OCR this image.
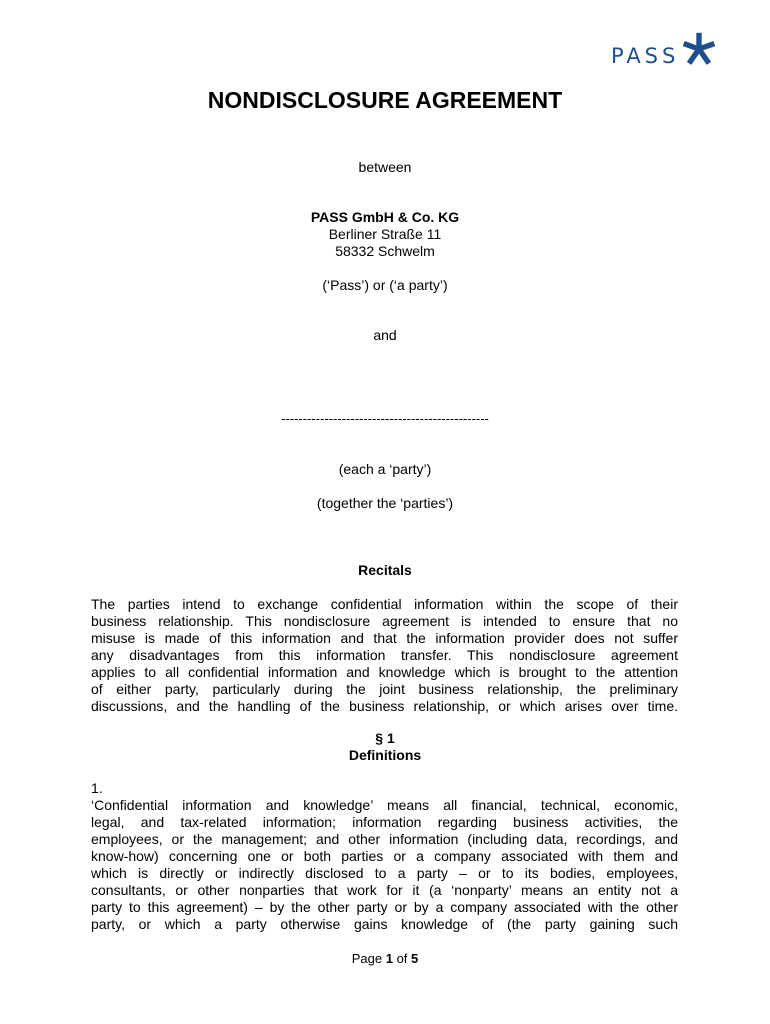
PASS
NONDISCLOSURE AGREEMENT
between
PASS GmbH & Co. KG
Berliner Straße 11
58332 Schwelm
(‘Pass’) or (‘a party’)
and
------------------------------------------------
(each a ‘party’)
(together the ‘parties’)
Recitals
The parties intend to exchange confidential information within the scope of their
business relationship. This nondisclosure agreement is intended to ensure that no
misuse is made of this information and that the information provider does not suffer
any disadvantages from this information transfer. This nondisclosure agreement
applies to all confidential information and knowledge which is brought to the attention
of either party, particularly during the joint business relationship, the preliminary
discussions, and the handling of the business relationship, or which arises over time.
§ 1
Definitions
1.
‘Confidential information and knowledge’ means all financial, technical, economic,
legal, and tax-related information; information regarding business activities, the
employees, or the management; and other information (including data, recordings, and
know-how) concerning one or both parties or a company associated with them and
which is directly or indirectly disclosed to a party – or to its bodies, employees,
consultants, or other nonparties that work for it (a ‘nonparty’ means an entity not a
party to this agreement) – by the other party or by a company associated with the other
party, or which a party otherwise gains knowledge of (the party gaining such
Page 1 of 5
